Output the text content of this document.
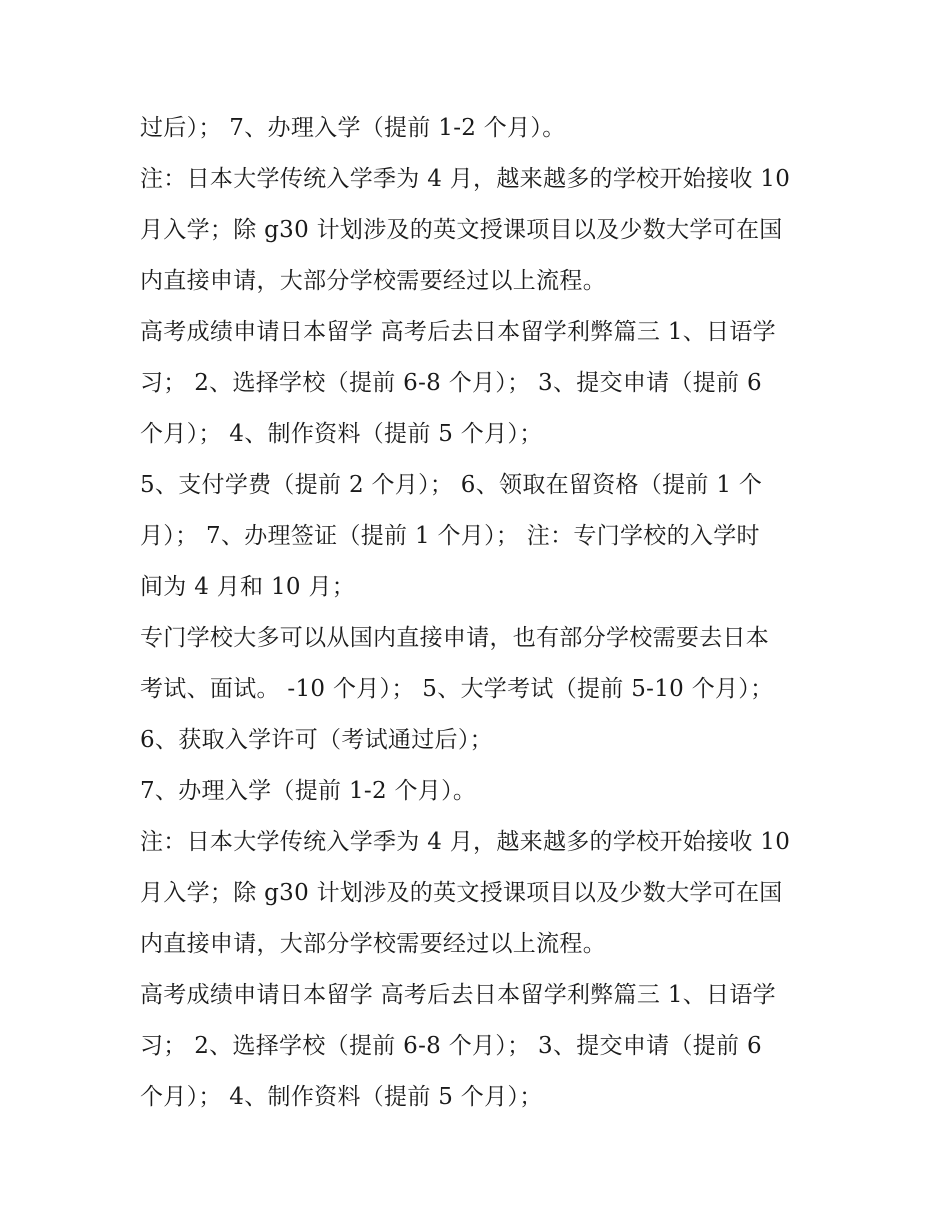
过后）； 7、办理入学（提前 1-2 个月）。
注：日本大学传统入学季为 4 月，越来越多的学校开始接收 10
月入学；除 g30 计划涉及的英文授课项目以及少数大学可在国
内直接申请，大部分学校需要经过以上流程。
高考成绩申请日本留学 高考后去日本留学利弊篇三 1、日语学
习； 2、选择学校（提前 6-8 个月）； 3、提交申请（提前 6
个月）； 4、制作资料（提前 5 个月）；
5、支付学费（提前 2 个月）； 6、领取在留资格（提前 1 个
月）； 7、办理签证（提前 1 个月）； 注：专门学校的入学时
间为 4 月和 10 月；
专门学校大多可以从国内直接申请，也有部分学校需要去日本
考试、面试。 -10 个月）； 5、大学考试（提前 5-10 个月）；
6、获取入学许可（考试通过后）；
7、办理入学（提前 1-2 个月）。
注：日本大学传统入学季为 4 月，越来越多的学校开始接收 10
月入学；除 g30 计划涉及的英文授课项目以及少数大学可在国
内直接申请，大部分学校需要经过以上流程。
高考成绩申请日本留学 高考后去日本留学利弊篇三 1、日语学
习； 2、选择学校（提前 6-8 个月）； 3、提交申请（提前 6
个月）； 4、制作资料（提前 5 个月）；
